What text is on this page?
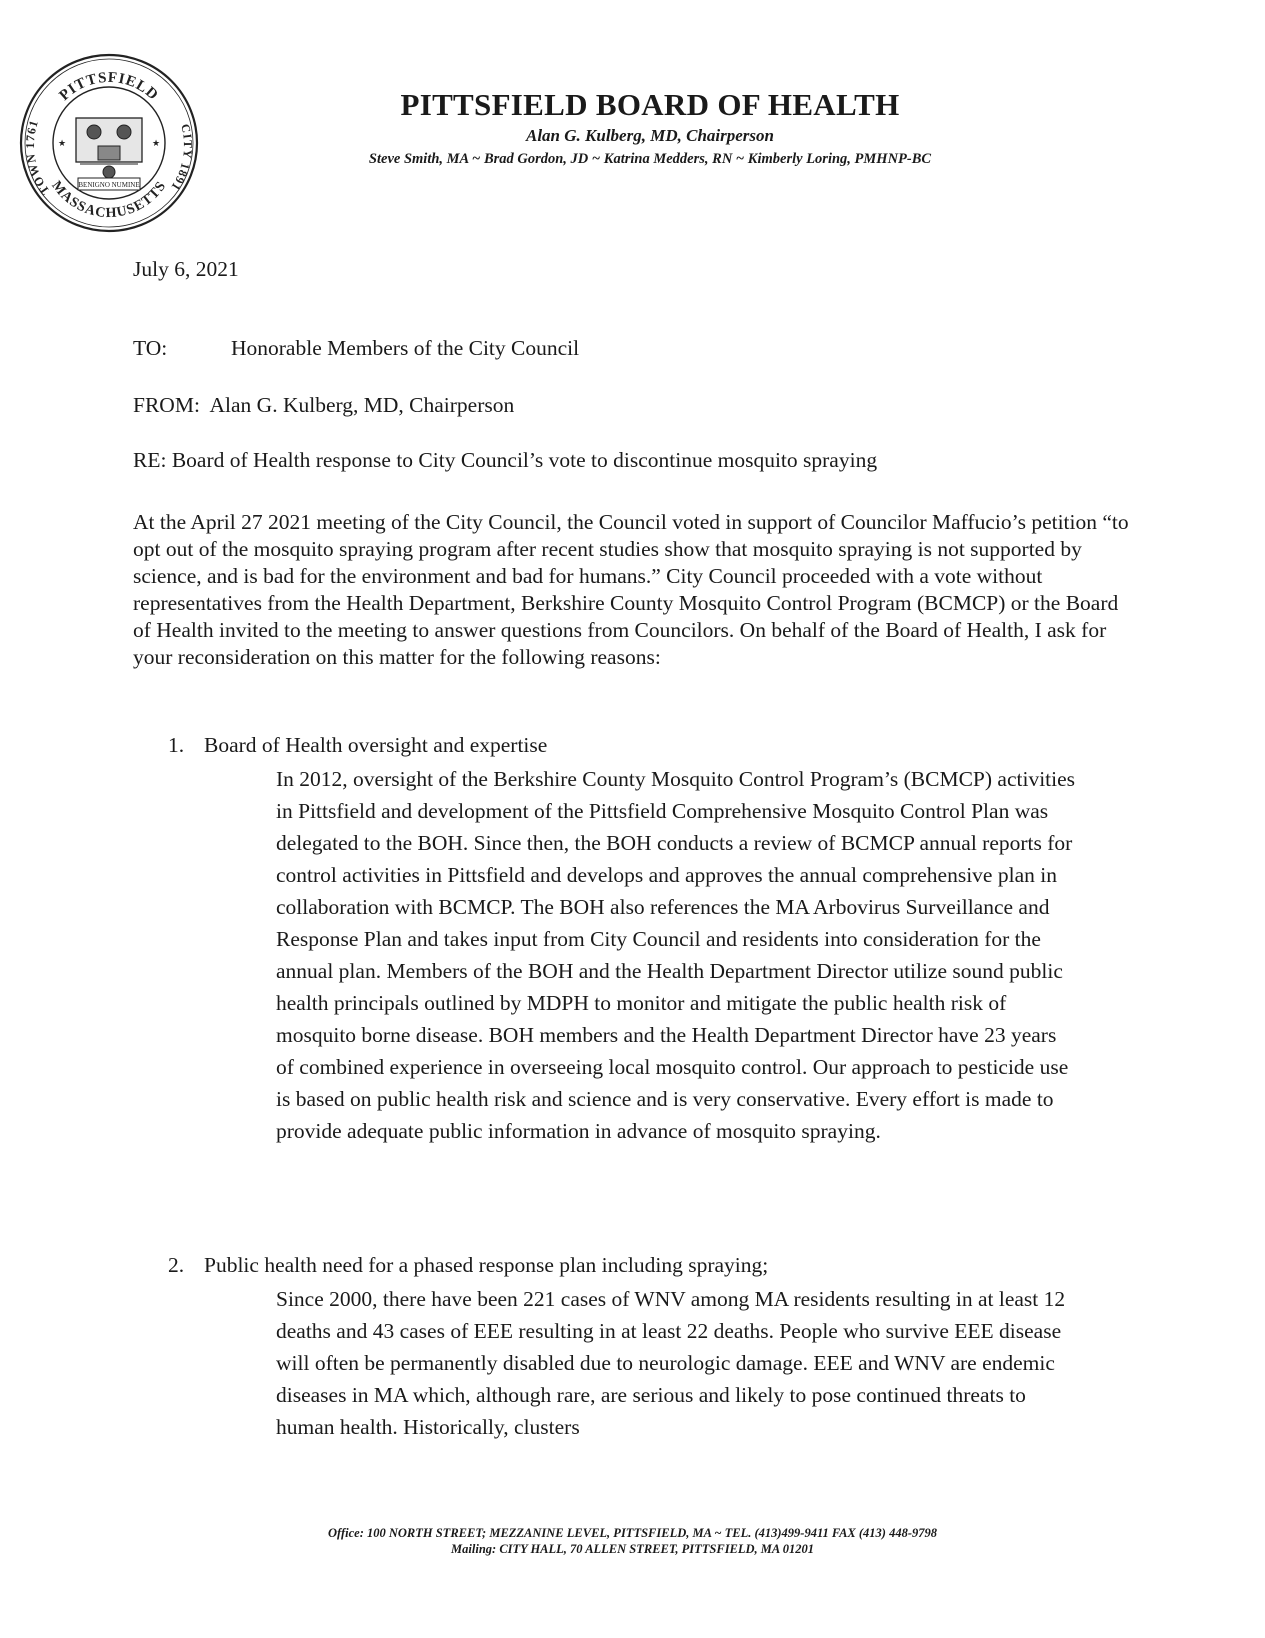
PITTSFIELD
MASSACHUSETTS
TOWN 1761	CITY 1891
BENIGNO NUMINE
★	★
PITTSFIELD BOARD OF HEALTH
Alan G. Kulberg, MD, Chairperson
Steve Smith, MA ~ Brad Gordon, JD ~ Katrina Medders, RN ~ Kimberly Loring, PMHNP-BC
July 6, 2021
TO:	Honorable Members of the City Council
FROM: Alan G. Kulberg, MD, Chairperson
RE: Board of Health response to City Council’s vote to discontinue mosquito spraying
At the April 27 2021 meeting of the City Council, the Council voted in support of Councilor Maffucio’s petition “to opt out of the mosquito spraying program after recent studies show that mosquito spraying is not supported by science, and is bad for the environment and bad for humans.” City Council proceeded with a vote without representatives from the Health Department, Berkshire County Mosquito Control Program (BCMCP) or the Board of Health invited to the meeting to answer questions from Councilors. On behalf of the Board of Health, I ask for your reconsideration on this matter for the following reasons:
1. Board of Health oversight and expertise
In 2012, oversight of the Berkshire County Mosquito Control Program’s (BCMCP) activities in Pittsfield and development of the Pittsfield Comprehensive Mosquito Control Plan was delegated to the BOH. Since then, the BOH conducts a review of BCMCP annual reports for control activities in Pittsfield and develops and approves the annual comprehensive plan in collaboration with BCMCP. The BOH also references the MA Arbovirus Surveillance and Response Plan and takes input from City Council and residents into consideration for the annual plan. Members of the BOH and the Health Department Director utilize sound public health principals outlined by MDPH to monitor and mitigate the public health risk of mosquito borne disease. BOH members and the Health Department Director have 23 years of combined experience in overseeing local mosquito control. Our approach to pesticide use is based on public health risk and science and is very conservative. Every effort is made to provide adequate public information in advance of mosquito spraying.
2. Public health need for a phased response plan including spraying;
Since 2000, there have been 221 cases of WNV among MA residents resulting in at least 12 deaths and 43 cases of EEE resulting in at least 22 deaths. People who survive EEE disease will often be permanently disabled due to neurologic damage. EEE and WNV are endemic diseases in MA which, although rare, are serious and likely to pose continued threats to human health. Historically, clusters
Office: 100 NORTH STREET; MEZZANINE LEVEL, PITTSFIELD, MA ~ TEL. (413)499-9411 FAX (413) 448-9798
Mailing: CITY HALL, 70 ALLEN STREET, PITTSFIELD, MA 01201
